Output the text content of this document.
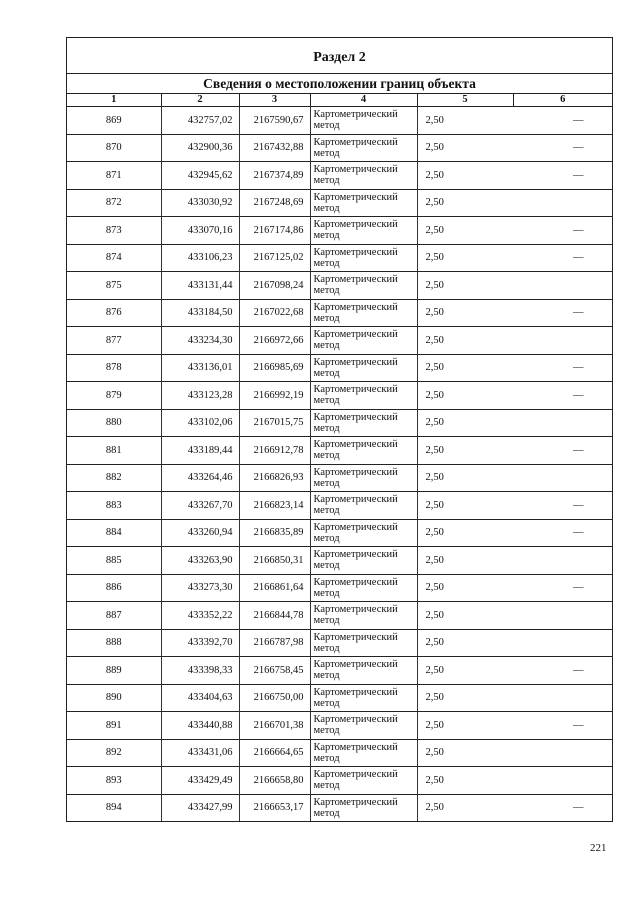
Раздел 2
Сведения о местоположении границ объекта
1	2	3	4	5	6
869	432757,02	2167590,67	Картометрический метод	2,50	—
870	432900,36	2167432,88	Картометрический метод	2,50	—
871	432945,62	2167374,89	Картометрический метод	2,50	—
872	433030,92	2167248,69	Картометрический метод	2,50	
873	433070,16	2167174,86	Картометрический метод	2,50	—
874	433106,23	2167125,02	Картометрический метод	2,50	—
875	433131,44	2167098,24	Картометрический метод	2,50	
876	433184,50	2167022,68	Картометрический метод	2,50	—
877	433234,30	2166972,66	Картометрический метод	2,50	
878	433136,01	2166985,69	Картометрический метод	2,50	—
879	433123,28	2166992,19	Картометрический метод	2,50	—
880	433102,06	2167015,75	Картометрический метод	2,50	
881	433189,44	2166912,78	Картометрический метод	2,50	—
882	433264,46	2166826,93	Картометрический метод	2,50	
883	433267,70	2166823,14	Картометрический метод	2,50	—
884	433260,94	2166835,89	Картометрический метод	2,50	—
885	433263,90	2166850,31	Картометрический метод	2,50	
886	433273,30	2166861,64	Картометрический метод	2,50	—
887	433352,22	2166844,78	Картометрический метод	2,50	
888	433392,70	2166787,98	Картометрический метод	2,50	
889	433398,33	2166758,45	Картометрический метод	2,50	—
890	433404,63	2166750,00	Картометрический метод	2,50	
891	433440,88	2166701,38	Картометрический метод	2,50	—
892	433431,06	2166664,65	Картометрический метод	2,50	
893	433429,49	2166658,80	Картометрический метод	2,50	
894	433427,99	2166653,17	Картометрический метод	2,50	—
221
